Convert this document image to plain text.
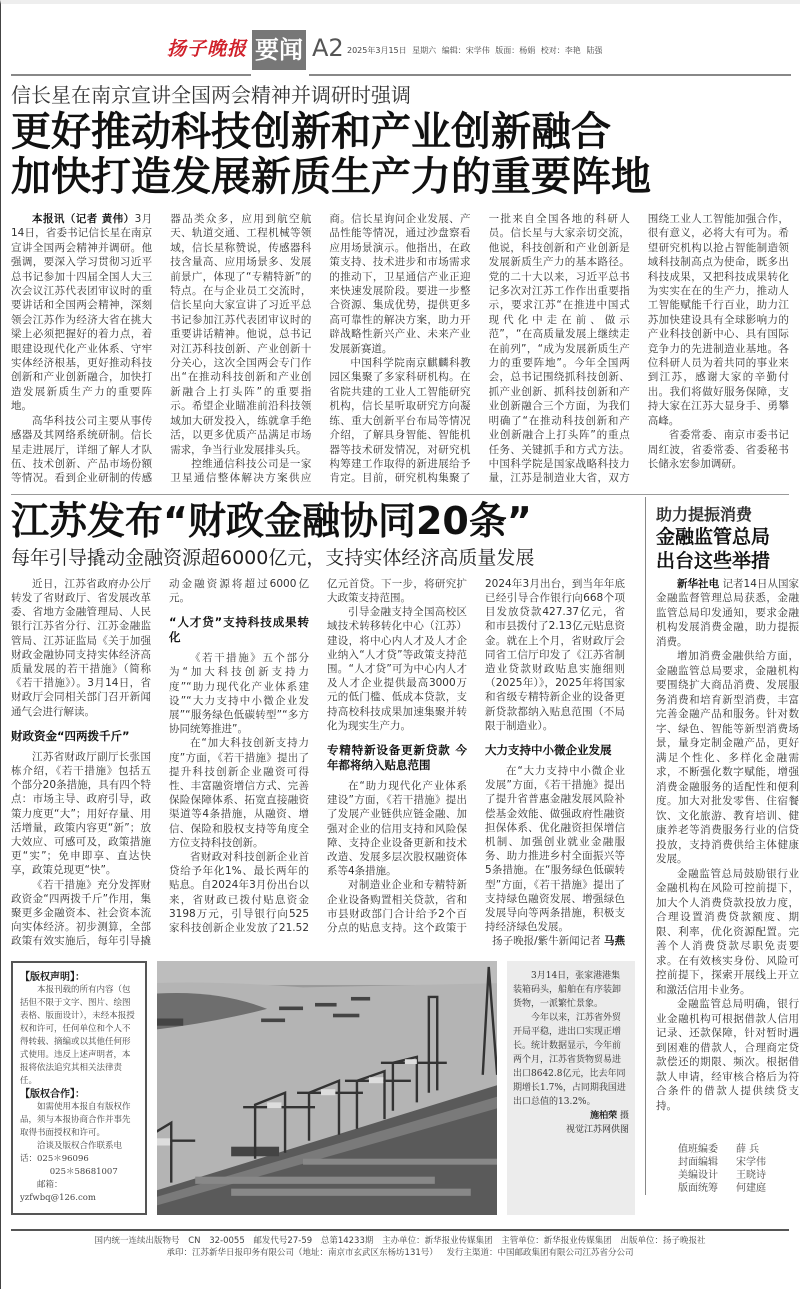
扬子晚报 要闻 A2 2025年3月15日 星期六 编辑：宋学伟 版面：杨娟 校对：李艳 陆强
信长星在南京宣讲全国两会精神并调研时强调
更好推动科技创新和产业创新融合
加快打造发展新质生产力的重要阵地

本报讯（记者 黄伟）3月14日，省委书记信长星在南京宣讲全国两会精神并调研。他强调，要深入学习贯彻习近平总书记参加十四届全国人大三次会议江苏代表团审议时的重要讲话和全国两会精神，深刻领会江苏作为经济大省在挑大梁上必须把握好的着力点，着眼建设现代化产业体系、守牢实体经济根基，更好推动科技创新和产业创新融合，加快打造发展新质生产力的重要阵地。

高华科技公司主要从事传感器及其网络系统研制。信长星走进展厅，详细了解人才队伍、技术创新、产品市场份额等情况。看到企业研制的传感器品类众多，应用到航空航天、轨道交通、工程机械等领域，信长星称赞说，传感器科技含量高、应用场景多、发展前景广，体现了“专精特新”的特点。在与企业员工交流时，信长星向大家宣讲了习近平总书记参加江苏代表团审议时的重要讲话精神。他说，总书记对江苏科技创新、产业创新十分关心，这次全国两会专门作出“在推动科技创新和产业创新融合上打头阵”的重要指示。希望企业瞄准前沿科技领域加大研发投入，练就拿手绝活，以更多优质产品满足市场需求，争当行业发展排头兵。

控维通信科技公司是一家卫星通信整体解决方案供应商。信长星询问企业发展、产品性能等情况，通过沙盘察看应用场景演示。他指出，在政策支持、技术进步和市场需求的推动下，卫星通信产业正迎来快速发展阶段。要进一步整合资源、集成优势，提供更多高可靠性的解决方案，助力开辟战略性新兴产业、未来产业发展新赛道。

中国科学院南京麒麟科教园区集聚了多家科研机构。在省院共建的工业人工智能研究机构，信长星听取研究方向凝练、重大创新平台布局等情况介绍，了解具身智能、智能机器等技术研发情况，对研究机构筹建工作取得的新进展给予肯定。目前，研究机构集聚了一批来自全国各地的科研人员。信长星与大家亲切交流，他说，科技创新和产业创新是发展新质生产力的基本路径。党的二十大以来，习近平总书记多次对江苏工作作出重要指示，要求江苏“在推进中国式现代化中走在前、做示范”，“在高质量发展上继续走在前列”，“成为发展新质生产力的重要阵地”。今年全国两会，总书记围绕抓科技创新、抓产业创新、抓科技创新和产业创新融合三个方面，为我们明确了“在推动科技创新和产业创新融合上打头阵”的重点任务、关键抓手和方式方法。中国科学院是国家战略科技力量，江苏是制造业大省，双方围绕工业人工智能加强合作，很有意义，必将大有可为。希望研究机构以抢占智能制造领域科技制高点为使命，既多出科技成果，又把科技成果转化为实实在在的生产力，推动人工智能赋能千行百业，助力江苏加快建设具有全球影响力的产业科技创新中心、具有国际竞争力的先进制造业基地。各位科研人员为着共同的事业来到江苏，感谢大家的辛勤付出。我们将做好服务保障，支持大家在江苏大显身手、勇攀高峰。

省委常委、南京市委书记周红波，省委常委、省委秘书长储永宏参加调研。

江苏发布“财政金融协同20条”
每年引导撬动金融资源超6000亿元，支持实体经济高质量发展

近日，江苏省政府办公厅转发了省财政厅、省发展改革委、省地方金融管理局、人民银行江苏省分行、江苏金融监管局、江苏证监局《关于加强财政金融协同支持实体经济高质量发展的若干措施》（简称《若干措施》）。3月14日，省财政厅会同相关部门召开新闻通气会进行解读。

财政资金“四两拨千斤”

江苏省财政厅副厅长张国栋介绍，《若干措施》包括五个部分20条措施，具有四个特点：市场主导、政府引导，政策力度更“大”；用好存量、用活增量，政策内容更“新”；放大效应、可感可及，政策措施更“实”；免申即享、直达快享，政策兑现更“快”。

《若干措施》充分发挥财政资金“四两拨千斤”作用，集聚更多金融资本、社会资本流向实体经济。初步测算，全部政策有效实施后，每年引导撬动金融资源将超过6000亿元。

“人才贷”支持科技成果转化

《若干措施》五个部分为“加大科技创新支持力度”“助力现代化产业体系建设”“大力支持中小微企业发展”“服务绿色低碳转型”“多方协同统筹推进”。

在“加大科技创新支持力度”方面，《若干措施》提出了提升科技创新企业融资可得性、丰富融资增信方式、完善保险保障体系、拓宽直接融资渠道等4条措施，从融资、增信、保险和股权支持等角度全方位支持科技创新。

省财政对科技创新企业首贷给予年化1%、最长两年的贴息。自2024年3月份出台以来，省财政已拨付贴息资金3198万元，引导银行向525家科技创新企业发放了21.52亿元首贷。下一步，将研究扩大政策支持范围。

引导金融支持全国高校区域技术转移转化中心（江苏）建设，将中心内人才及人才企业纳入“人才贷”等政策支持范围。“人才贷”可为中心内人才及人才企业提供最高3000万元的低门槛、低成本贷款，支持高校科技成果加速集聚并转化为现实生产力。

专精特新设备更新贷款 今年都将纳入贴息范围

在“助力现代化产业体系建设”方面，《若干措施》提出了发展产业链供应链金融、加强对企业的信用支持和风险保障、支持企业设备更新和技术改造、发展多层次股权融资体系等4条措施。

对制造业企业和专精特新企业设备购置相关贷款，省和市县财政部门合计给予2个百分点的贴息支持。这个政策于2024年3月出台，到当年年底已经引导合作银行向668个项目发放贷款427.37亿元，省和市县拨付了2.13亿元贴息资金。就在上个月，省财政厅会同省工信厅印发了《江苏省制造业贷款财政贴息实施细则（2025年）》，2025年将国家和省级专精特新企业的设备更新贷款都纳入贴息范围（不局限于制造业）。

大力支持中小微企业发展

在“大力支持中小微企业发展”方面，《若干措施》提出了提升省普惠金融发展风险补偿基金效能、做强政府性融资担保体系、优化融资担保增信机制、加强创业就业金融服务、助力推进乡村全面振兴等5条措施。在“服务绿色低碳转型”方面，《若干措施》提出了支持绿色融资发展、增强绿色发展导向等两条措施，积极支持经济绿色发展。

扬子晚报/紫牛新闻记者 马燕
【版权声明】：

本报刊载的所有内容（包括但不限于文字、图片、绘图表格、版面设计），未经本报授权和许可，任何单位和个人不得转载、摘编或以其他任何形式使用。违反上述声明者，本报将依法追究其相关法律责任。

【版权合作】：

如需使用本报自有版权作品，须与本报协商合作并事先取得书面授权和许可。

洽谈及版权合作联系电话：025＊96096

025＊58681007

邮箱：yzfwbq@126.com

3月14日，张家港港集装箱码头，船舶在有序装卸货物，一派繁忙景象。

今年以来，江苏省外贸开局平稳，进出口实现正增长。统计数据显示，今年前两个月，江苏省货物贸易进出口8642.8亿元，比去年同期增长1.7%，占同期我国进出口总值的13.2%。

施柏荣 摄
视觉江苏网供图
助力提振消费
金融监管总局
出台这些举措

新华社电 记者14日从国家金融监督管理总局获悉，金融监管总局印发通知，要求金融机构发展消费金融，助力提振消费。

增加消费金融供给方面，金融监管总局要求，金融机构要围绕扩大商品消费、发展服务消费和培育新型消费，丰富完善金融产品和服务。针对数字、绿色、智能等新型消费场景，量身定制金融产品，更好满足个性化、多样化金融需求，不断强化数字赋能，增强消费金融服务的适配性和便利度。加大对批发零售、住宿餐饮、文化旅游、教育培训、健康养老等消费服务行业的信贷投放，支持消费供给主体健康发展。

金融监管总局鼓励银行业金融机构在风险可控前提下，加大个人消费贷款投放力度，合理设置消费贷款额度、期限、利率，优化资源配置。完善个人消费贷款尽职免责要求。在有效核实身份、风险可控前提下，探索开展线上开立和激活信用卡业务。

金融监管总局明确，银行业金融机构可根据借款人信用记录、还款保障，针对暂时遇到困难的借款人，合理商定贷款偿还的期限、频次。根据借款人申请，经审核合格后为符合条件的借款人提供续贷支持。

值班编委 薛 兵
封面编辑 宋学伟
美编设计 王晓诗
版面统筹 何建庭
国内统一连续出版物号 CN 32-0055 邮发代号27-59 总第14233期 主办单位：新华报业传媒集团 主管单位：新华报业传媒集团 出版单位：扬子晚报社
承印：江苏新华日报印务有限公司（地址：南京市玄武区东杨坊131号） 发行主渠道：中国邮政集团有限公司江苏省分公司
